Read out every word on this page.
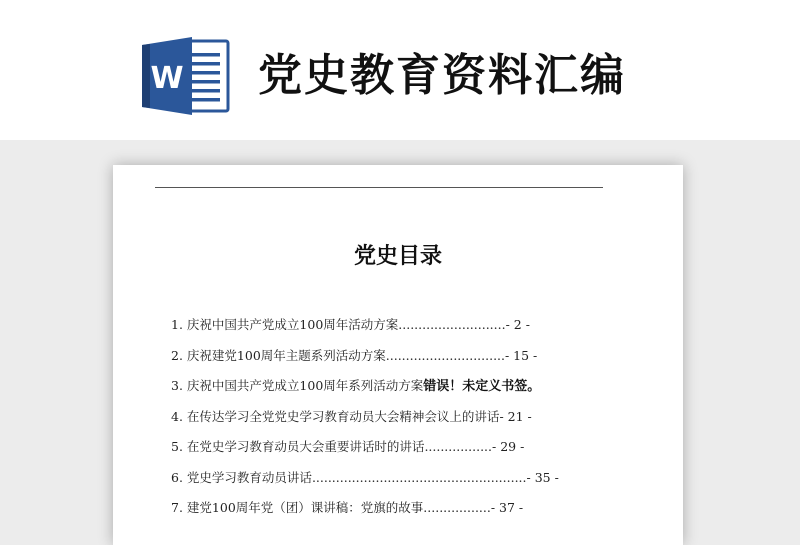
W 党史教育资料汇编
党史目录
1. 庆祝中国共产党成立100周年活动方案...........................- 2 -
2. 庆祝建党100周年主题系列活动方案..............................- 15 -
3. 庆祝中国共产党成立100周年系列活动方案错误！未定义书签。
4. 在传达学习全党党史学习教育动员大会精神会议上的讲话- 21 -
5. 在党史学习教育动员大会重要讲话时的讲话.................- 29 -
6. 党史学习教育动员讲话......................................................- 35 -
7. 建党100周年党（团）课讲稿：党旗的故事.................- 37 -
